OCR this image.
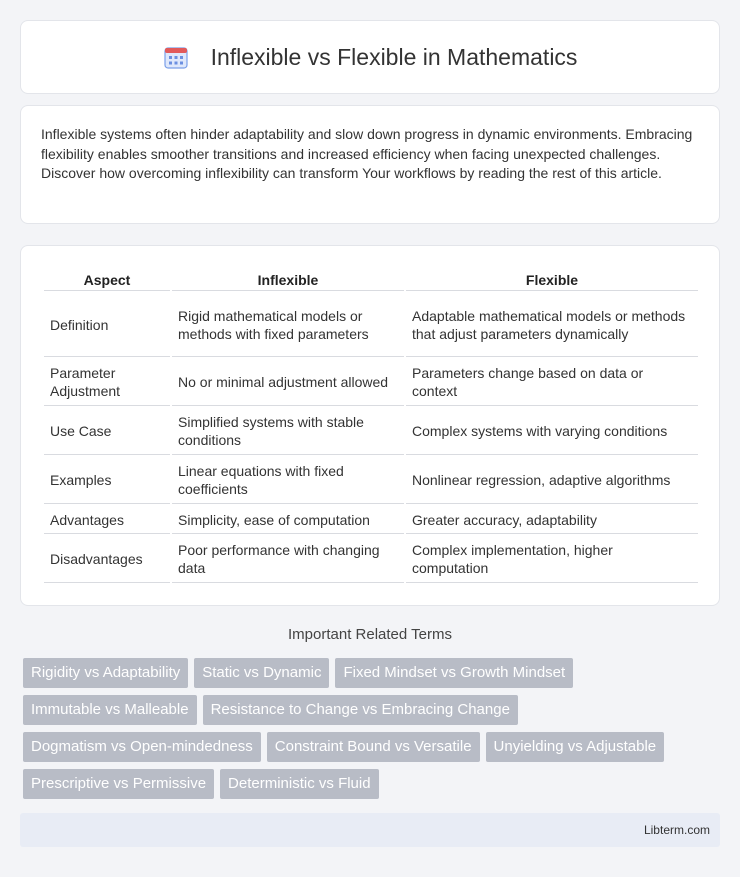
Inflexible vs Flexible in Mathematics

Inflexible systems often hinder adaptability and slow down progress in dynamic environments. Embracing flexibility enables smoother transitions and increased efficiency when facing unexpected challenges. Discover how overcoming inflexibility can transform Your workflows by reading the rest of this article.

Aspect	Inflexible	Flexible
Definition	Rigid mathematical models or methods with fixed parameters	Adaptable mathematical models or methods that adjust parameters dynamically
Parameter Adjustment	No or minimal adjustment allowed	Parameters change based on data or context
Use Case	Simplified systems with stable conditions	Complex systems with varying conditions
Examples	Linear equations with fixed coefficients	Nonlinear regression, adaptive algorithms
Advantages	Simplicity, ease of computation	Greater accuracy, adaptability
Disadvantages	Poor performance with changing data	Complex implementation, higher computation
Important Related Terms
Rigidity vs Adaptability	Static vs Dynamic	Fixed Mindset vs Growth Mindset
Immutable vs Malleable	Resistance to Change vs Embracing Change
Dogmatism vs Open-mindedness	Constraint Bound vs Versatile	Unyielding vs Adjustable
Prescriptive vs Permissive	Deterministic vs Fluid
Libterm.com
